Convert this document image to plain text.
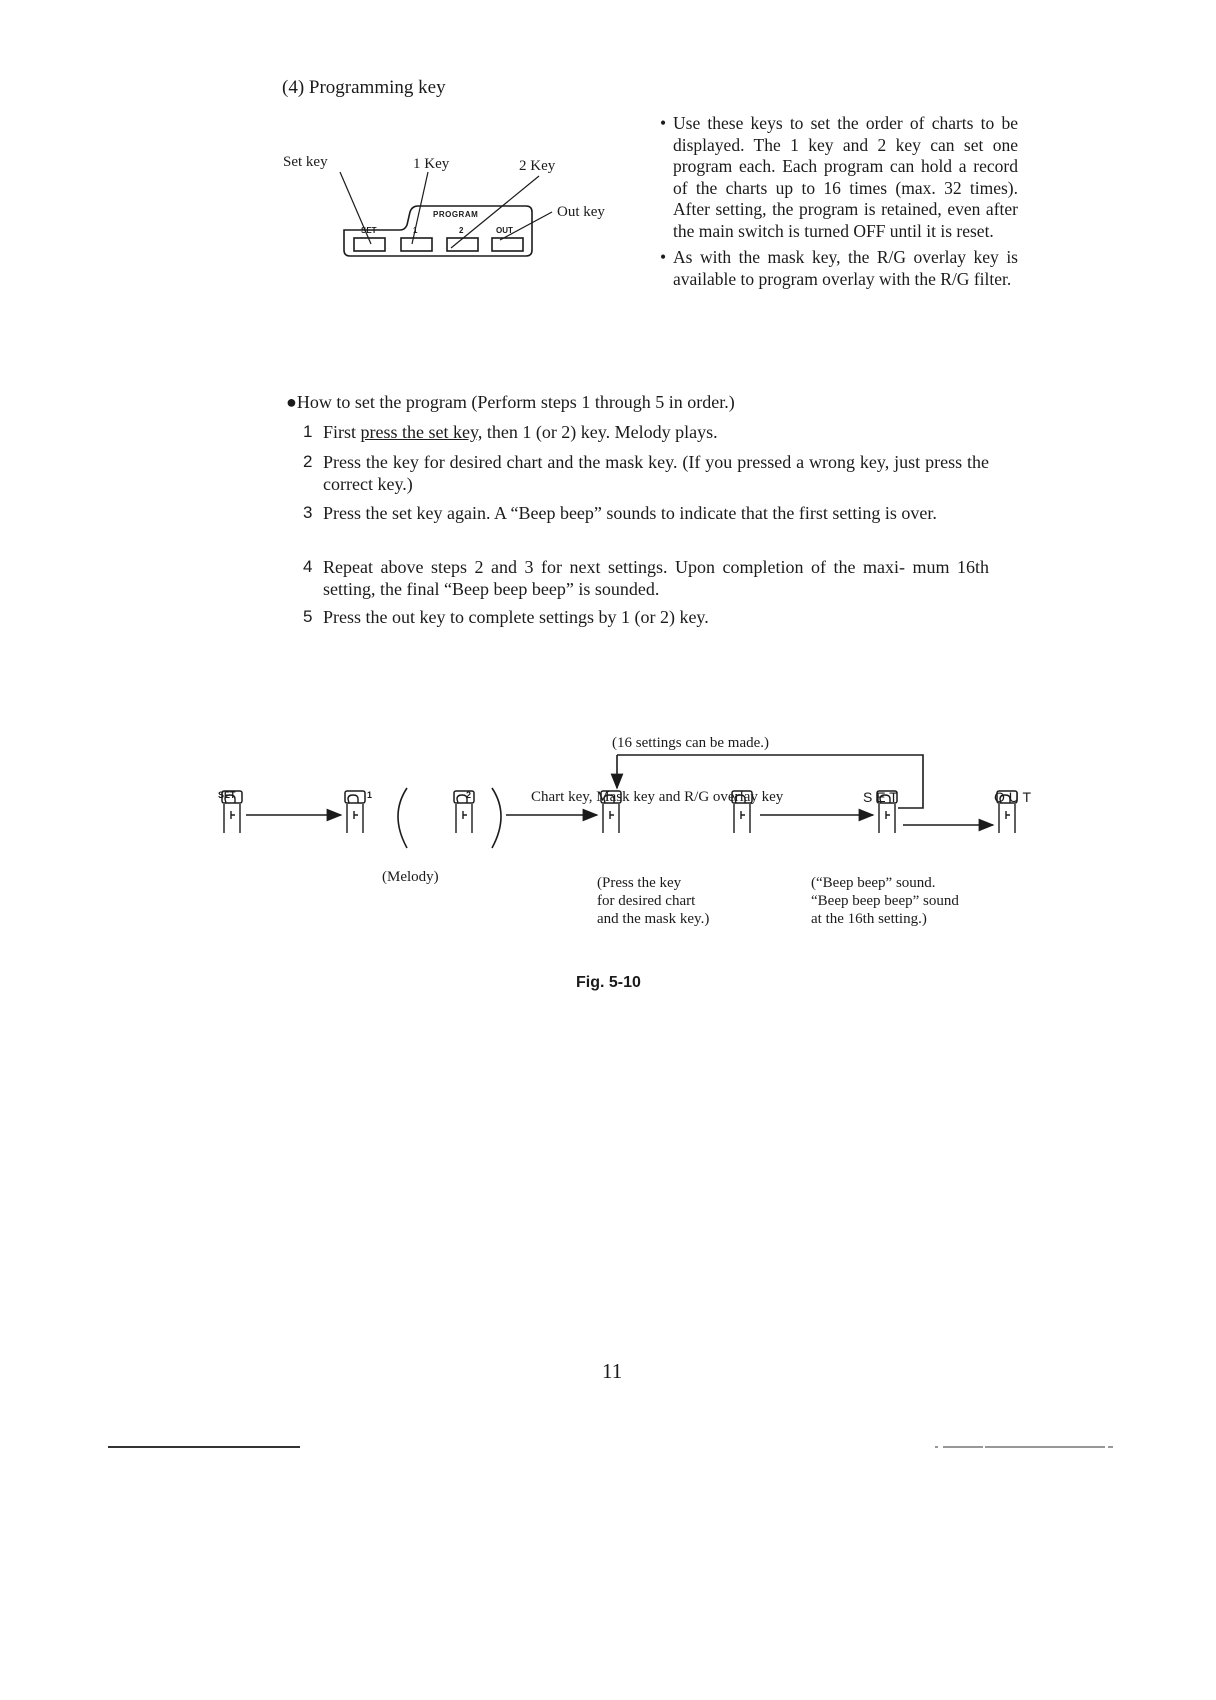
(4) Programming key
Set key	1 Key	2 Key
Out key
PROGRAM
SET	1	2	OUT

• Use these keys to set the order of charts to be displayed. The 1 key and 2 key can set one program each. Each program can hold a record of the charts up to 16 times (max. 32 times). After setting, the program is retained, even after the main switch is turned OFF until it is reset.

• As with the mask key, the R/G overlay key is available to program overlay with the R/G filter.

●How to set the program (Perform steps 1 through 5 in order.)
1 First press the set key, then 1 (or 2) key. Melody plays.
2 Press the key for desired chart and the mask key. (If you pressed a wrong key, just press the correct key.)
3 Press the set key again. A “Beep beep” sounds to indicate that the first setting is over.
4 Repeat above steps 2 and 3 for next settings. Upon completion of the maxi- mum 16th setting, the final “Beep beep beep” is sounded.
5 Press the out key to complete settings by 1 (or 2) key.
(16 settings can be made.)
Chart key, Mask key and R/G overlay key
SET	1	2	S E T	O U T
(Melody)	(Press the key
for desired chart
and the mask key.)
(“Beep beep” sound.
“Beep beep beep” sound
at the 16th setting.)
Fig. 5-10
11
